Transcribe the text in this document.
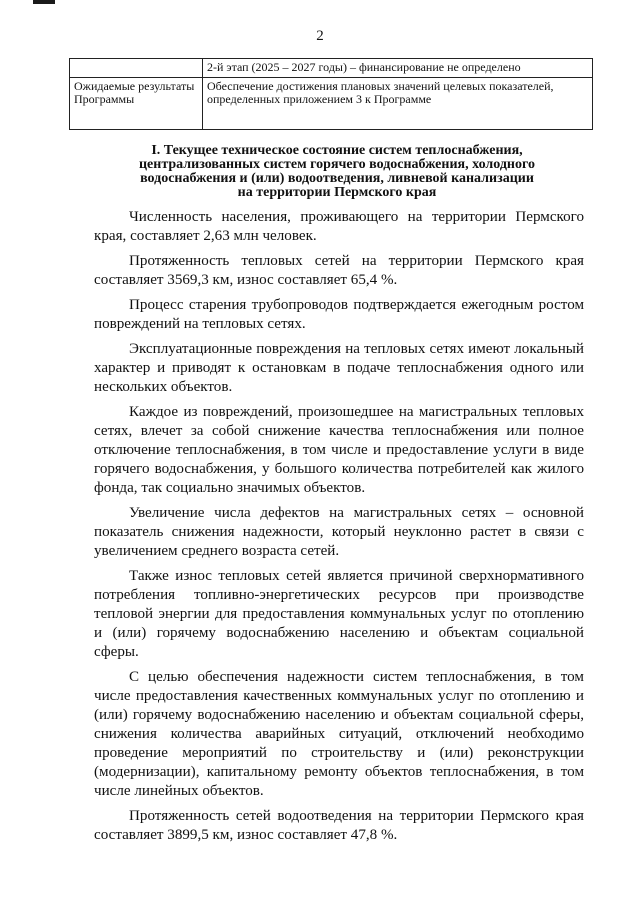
2
	2-й этап (2025 – 2027 годы) – финансирование не определено
Ожидаемые результаты Программы	Обеспечение достижения плановых значений целевых показателей, определенных приложением 3 к Программе
I. Текущее техническое состояние систем теплоснабжения,
централизованных систем горячего водоснабжения, холодного
водоснабжения и (или) водоотведения, ливневой канализации
на территории Пермского края

Численность населения, проживающего на территории Пермского края, составляет 2,63 млн человек.

Протяженность тепловых сетей на территории Пермского края составляет 3569,3 км, износ составляет 65,4 %.

Процесс старения трубопроводов подтверждается ежегодным ростом повреждений на тепловых сетях.

Эксплуатационные повреждения на тепловых сетях имеют локальный характер и приводят к остановкам в подаче теплоснабжения одного или нескольких объектов.

Каждое из повреждений, произошедшее на магистральных тепловых сетях, влечет за собой снижение качества теплоснабжения или полное отключение теплоснабжения, в том числе и предоставление услуги в виде горячего водоснабжения, у большого количества потребителей как жилого фонда, так социально значимых объектов.

Увеличение числа дефектов на магистральных сетях – основной показатель снижения надежности, который неуклонно растет в связи с увеличением среднего возраста сетей.

Также износ тепловых сетей является причиной сверхнормативного потребления топливно-энергетических ресурсов при производстве тепловой энергии для предоставления коммунальных услуг по отоплению и (или) горячему водоснабжению населению и объектам социальной сферы.

С целью обеспечения надежности систем теплоснабжения, в том числе предоставления качественных коммунальных услуг по отоплению и (или) горячему водоснабжению населению и объектам социальной сферы, снижения количества аварийных ситуаций, отключений необходимо проведение мероприятий по строительству и (или) реконструкции (модернизации), капитальному ремонту объектов теплоснабжения, в том числе линейных объектов.

Протяженность сетей водоотведения на территории Пермского края составляет 3899,5 км, износ составляет 47,8 %.
